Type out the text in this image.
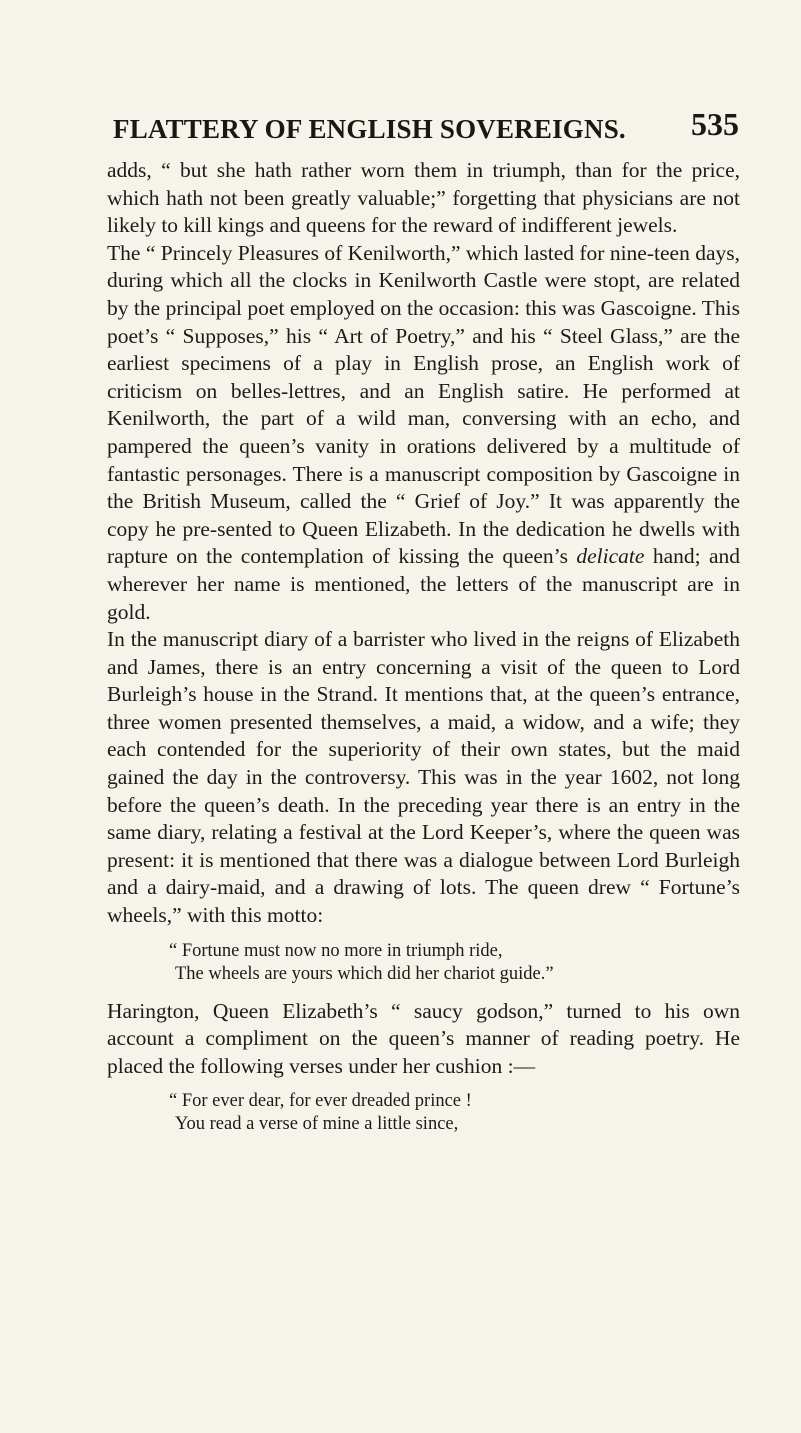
FLATTERY OF ENGLISH SOVEREIGNS. 535

adds, “ but she hath rather worn them in triumph, than for the price, which hath not been greatly valuable;” forgetting that physicians are not likely to kill kings and queens for the reward of indifferent jewels.

The “ Princely Pleasures of Kenilworth,” which lasted for nine-teen days, during which all the clocks in Kenilworth Castle were stopt, are related by the principal poet employed on the occasion: this was Gascoigne. This poet’s “ Supposes,” his “ Art of Poetry,” and his “ Steel Glass,” are the earliest specimens of a play in English prose, an English work of criticism on belles-lettres, and an English satire. He performed at Kenilworth, the part of a wild man, conversing with an echo, and pampered the queen’s vanity in orations delivered by a multitude of fantastic personages. There is a manuscript composition by Gascoigne in the British Museum, called the “ Grief of Joy.” It was apparently the copy he pre-sented to Queen Elizabeth. In the dedication he dwells with rapture on the contemplation of kissing the queen’s delicate hand; and wherever her name is mentioned, the letters of the manuscript are in gold.

In the manuscript diary of a barrister who lived in the reigns of Elizabeth and James, there is an entry concerning a visit of the queen to Lord Burleigh’s house in the Strand. It mentions that, at the queen’s entrance, three women presented themselves, a maid, a widow, and a wife; they each contended for the superiority of their own states, but the maid gained the day in the controversy. This was in the year 1602, not long before the queen’s death. In the preceding year there is an entry in the same diary, relating a festival at the Lord Keeper’s, where the queen was present: it is mentioned that there was a dialogue between Lord Burleigh and a dairy-maid, and a drawing of lots. The queen drew “ Fortune’s wheels,” with this motto:

“ Fortune must now no more in triumph ride,
The wheels are yours which did her chariot guide.”

Harington, Queen Elizabeth’s “ saucy godson,” turned to his own account a compliment on the queen’s manner of reading poetry. He placed the following verses under her cushion :—

“ For ever dear, for ever dreaded prince !
You read a verse of mine a little since,
